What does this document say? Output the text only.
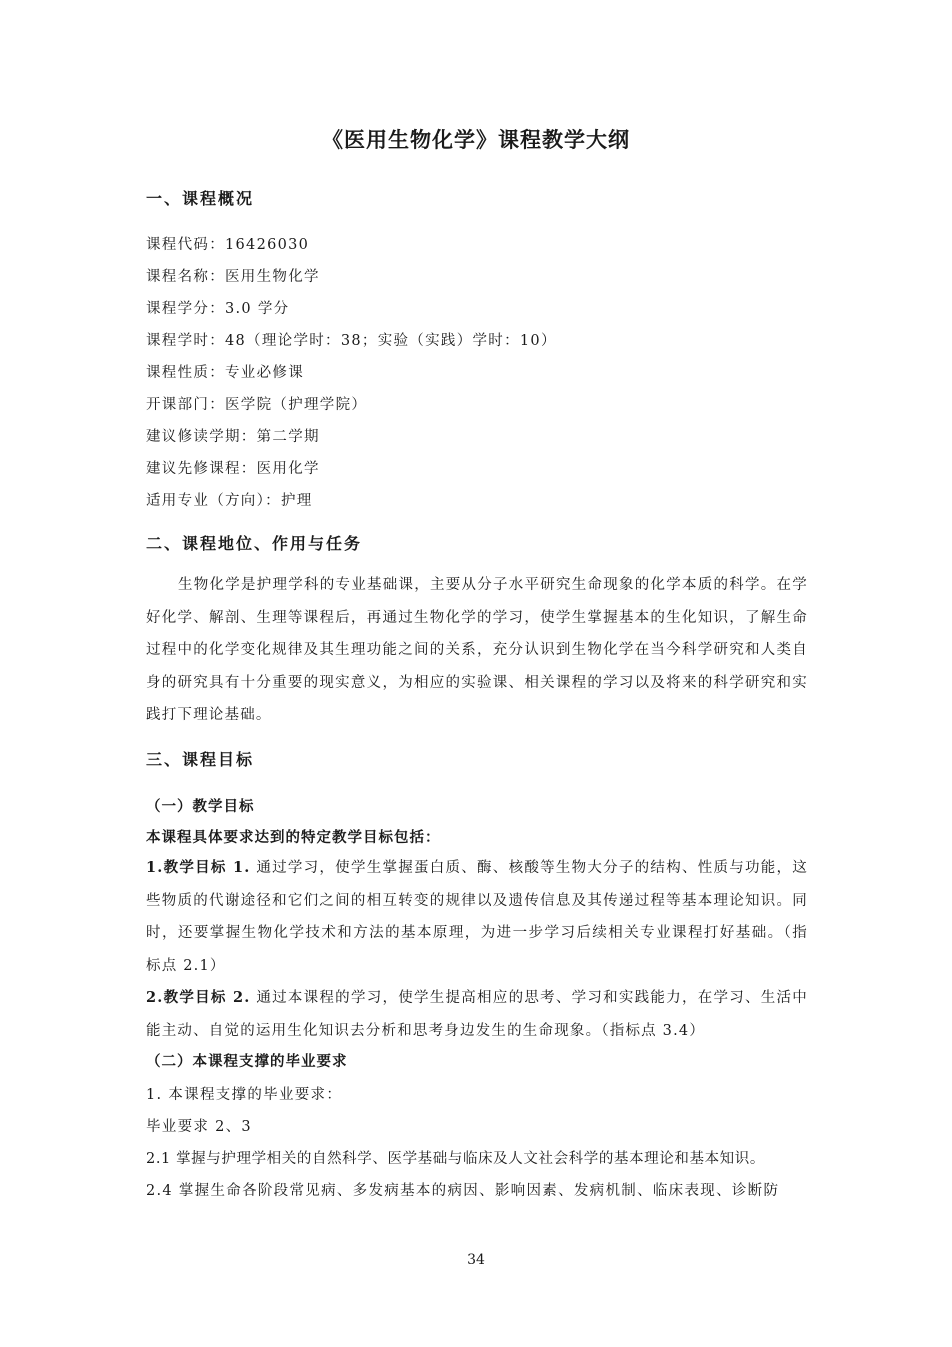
《医用生物化学》课程教学大纲
一、课程概况
课程代码：16426030
课程名称：医用生物化学
课程学分：3.0 学分
课程学时：48（理论学时：38；实验（实践）学时：10）
课程性质：专业必修课
开课部门：医学院（护理学院）
建议修读学期：第二学期
建议先修课程：医用化学
适用专业（方向）：护理
二、课程地位、作用与任务
生物化学是护理学科的专业基础课，主要从分子水平研究生命现象的化学本质的科学。在学好化学、解剖、生理等课程后，再通过生物化学的学习，使学生掌握基本的生化知识，了解生命过程中的化学变化规律及其生理功能之间的关系，充分认识到生物化学在当今科学研究和人类自身的研究具有十分重要的现实意义，为相应的实验课、相关课程的学习以及将来的科学研究和实践打下理论基础。
三、课程目标
（一）教学目标
本课程具体要求达到的特定教学目标包括：
1.教学目标 1. 通过学习，使学生掌握蛋白质、酶、核酸等生物大分子的结构、性质与功能，这些物质的代谢途径和它们之间的相互转变的规律以及遗传信息及其传递过程等基本理论知识。同时，还要掌握生物化学技术和方法的基本原理，为进一步学习后续相关专业课程打好基础。（指标点 2.1）
2.教学目标 2. 通过本课程的学习，使学生提高相应的思考、学习和实践能力，在学习、生活中能主动、自觉的运用生化知识去分析和思考身边发生的生命现象。（指标点 3.4）
（二）本课程支撑的毕业要求
1. 本课程支撑的毕业要求：
毕业要求 2、3
2.1 掌握与护理学相关的自然科学、医学基础与临床及人文社会科学的基本理论和基本知识。
2.4 掌握生命各阶段常见病、多发病基本的病因、影响因素、发病机制、临床表现、诊断防
34
